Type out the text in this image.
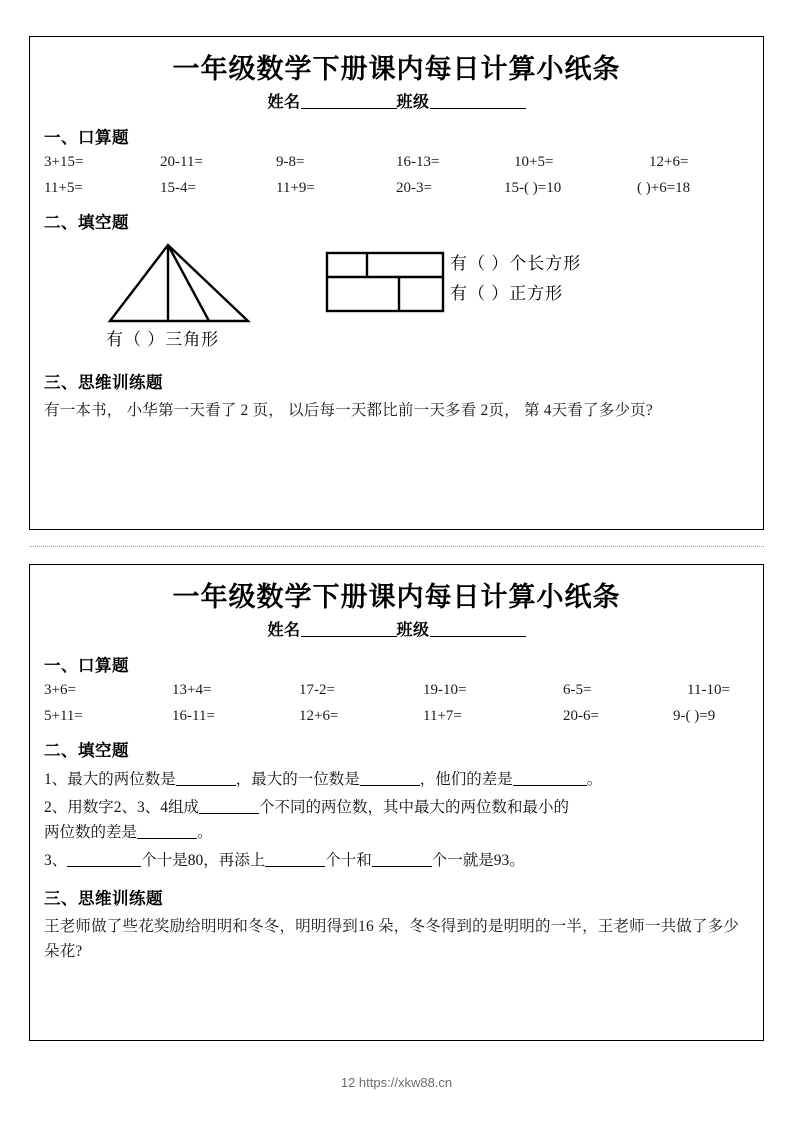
一年级数学下册课内每日计算小纸条
姓名	班级
一、口算题
3+15=	20-11=	9-8=	16-13=	10+5=	12+6=
11+5=	15-4=	11+9=	20-3=	15-( )=10	( )+6=18
二、填空题
有（ ）三角形
有（ ）个长方形
有（ ）正方形
三、思维训练题
有一本书， 小华第一天看了 2 页， 以后每一天都比前一天多看 2页， 第 4天看了多少页?
一年级数学下册课内每日计算小纸条
姓名	班级
一、口算题
3+6=	13+4=	17-2=	19-10=	6-5=	11-10=
5+11=	16-11=	12+6=	11+7=	20-6=	9-( )=9
二、填空题
1、最大的两位数是	，最大的一位数是	，他们的差是	。
2、用数字2、3、4组成	个不同的两位数，其中最大的两位数和最小的
两位数的差是	。
3、	个十是80，再添上	个十和	个一就是93。
三、思维训练题
王老师做了些花奖励给明明和冬冬，明明得到16 朵，冬冬得到的是明明的一半，王老师一共做了多少朵花?
12 https://xkw88.cn
